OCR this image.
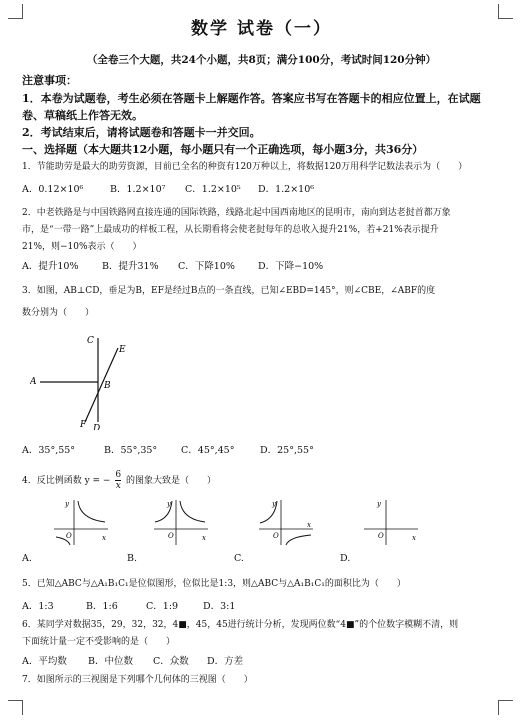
数学 试卷（一）
（全卷三个大题，共24个小题，共8页；满分100分，考试时间120分钟）
注意事项：
1．本卷为试题卷，考生必须在答题卡上解题作答。答案应书写在答题卡的相应位置上，在试题
卷、草稿纸上作答无效。
2．考试结束后，请将试题卷和答题卡一并交回。
一、选择题（本大题共12小题，每小题只有一个正确选项，每小题3分，共36分）
1．节能助劳是最大的助劳资源，目前已全名的种资有120万种以上，将数据120万用科学记数法表示为（　　）
A．0.12×10⁶	B．1.2×10⁷ C．1.2×10⁵ D．1.2×10⁶
2．中老铁路是与中国铁路网直接连通的国际铁路，线路北起中国西南地区的昆明市，南向到达老挝首都万象
市，是“一带一路”上最成功的样板工程，从长期看将会使老挝每年的总收入提升21%，若+21%表示提升
21%，则−10%表示（　　）
A．提升10% B．提升31% C．下降10% D．下降−10%
3．如图，AB⊥CD，垂足为B，EF是经过B点的一条直线，已知∠EBD=145°，则∠CBE，∠ABF的度
数分别为（　　）
A
C
B
E
F D
A．35°,55°	B．55°,35°	C．45°,45°	D．25°,55°
4．反比例函数 y = − $\frac{6}{x}$ 的图象大致是（　　）
y
x
O
y
x
O
y
x
O
y
x
O
A.	B.	C.	D.
5．已知△ABC与△A₁B₁C₁是位似图形，位似比是1:3，则△ABC与△A₁B₁C₁的面积比为（　　）
A．1:3	B．1:6	C．1:9	D．3:1
6．某同学对数据35，29，32，32，4■，45，45进行统计分析，发现两位数“4■”的个位数字模糊不清，则
下面统计量一定不受影响的是（　　）
A．平均数 B．中位数 C．众数 D．方差
7．如图所示的三视图是下列哪个几何体的三视图（　　）
